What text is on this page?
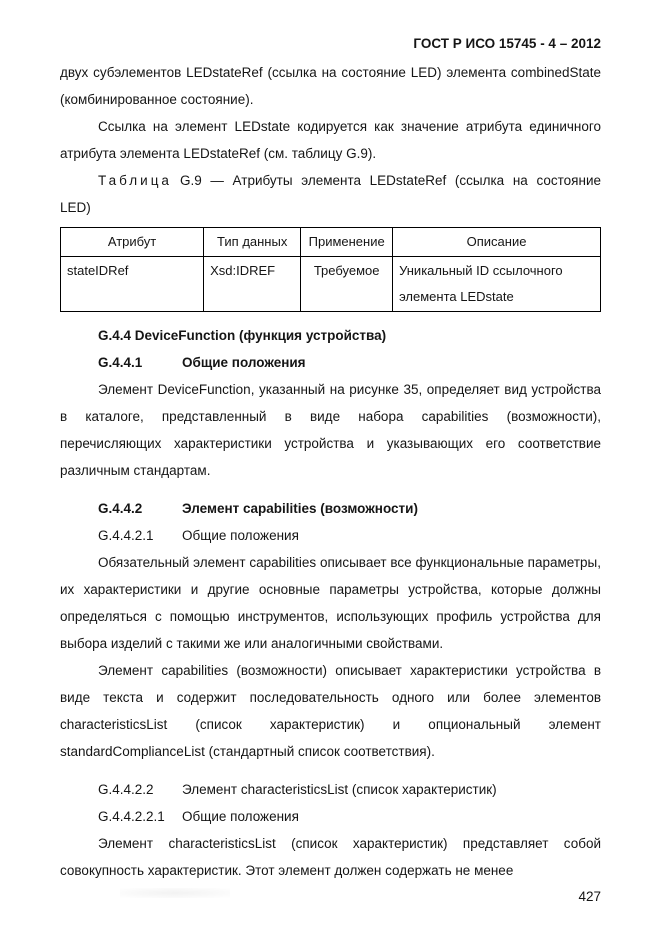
ГОСТ Р ИСО 15745 - 4 – 2012

двух субэлементов LEDstateRef (ссылка на состояние LED) элемента combinedState (комбинированное состояние).

Ссылка на элемент LEDstate кодируется как значение атрибута единичного атрибута элемента LEDstateRef (см. таблицу G.9).

Таблица G.9 — Атрибуты элемента LEDstateRef (ссылка на состояние LED)

Атрибут	Тип данных	Применение	Описание
stateIDRef	Xsd:IDREF	Требуемое	Уникальный ID ссылочного элемента LEDstate
G.4.4 DeviceFunction (функция устройства)
G.4.4.1	Общие положения

Элемент DeviceFunction, указанный на рисунке 35, определяет вид устройства в каталоге, представленный в виде набора capabilities (возможности), перечисляющих характеристики устройства и указывающих его соответствие различным стандартам.

G.4.4.2	Элемент capabilities (возможности)
G.4.4.2.1 Общие положения

Обязательный элемент capabilities описывает все функциональные параметры, их характеристики и другие основные параметры устройства, которые должны определяться с помощью инструментов, использующих профиль устройства для выбора изделий с такими же или аналогичными свойствами.

Элемент capabilities (возможности) описывает характеристики устройства в виде текста и содержит последовательность одного или более элементов characteristicsList (список характеристик) и опциональный элемент standardComplianceList (стандартный список соответствия).

G.4.4.2.2 Элемент characteristicsList (список характеристик)
G.4.4.2.2.1 Общие положения

Элемент characteristicsList (список характеристик) представляет собой совокупность характеристик. Этот элемент должен содержать не менее

427
